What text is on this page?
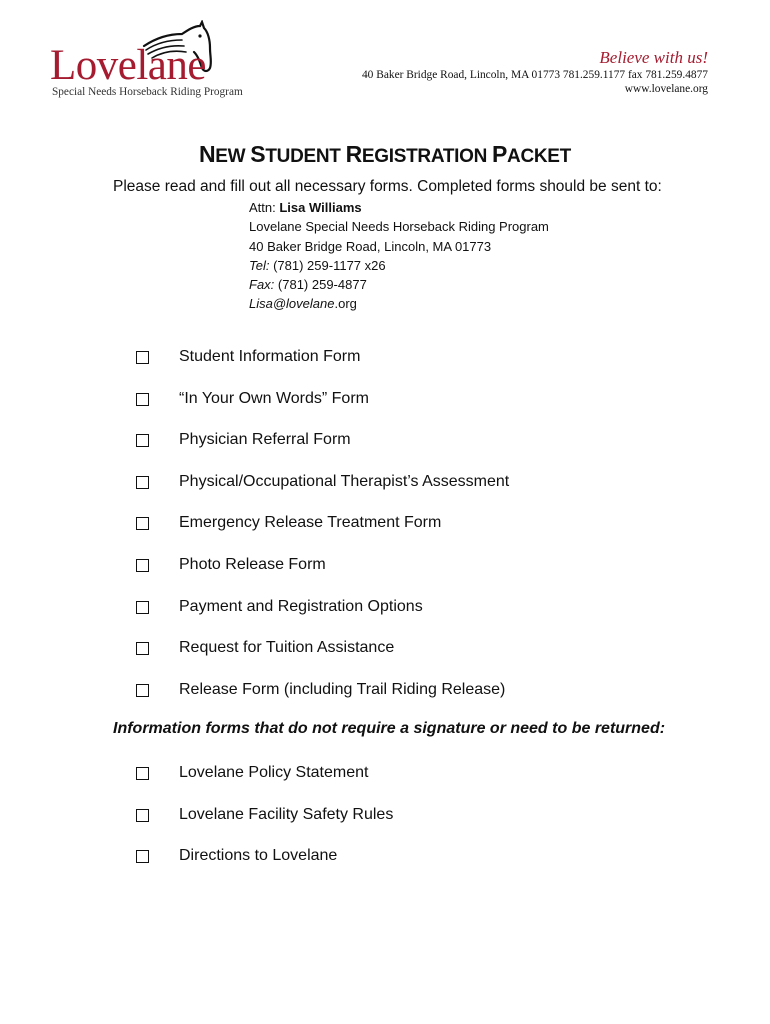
Lovelane
Special Needs Horseback Riding Program
Believe with us!
40 Baker Bridge Road, Lincoln, MA 01773 781.259.1177 fax 781.259.4877
www.lovelane.org
NEW STUDENT REGISTRATION PACKET
Please read and fill out all necessary forms. Completed forms should be sent to:
Attn: Lisa Williams
Lovelane Special Needs Horseback Riding Program
40 Baker Bridge Road, Lincoln, MA 01773
Tel: (781) 259-1177 x26
Fax: (781) 259-4877
Lisa@lovelane.org
Student Information Form
“In Your Own Words” Form
Physician Referral Form
Physical/Occupational Therapist’s Assessment
Emergency Release Treatment Form
Photo Release Form
Payment and Registration Options
Request for Tuition Assistance
Release Form (including Trail Riding Release)
Information forms that do not require a signature or need to be returned:
Lovelane Policy Statement
Lovelane Facility Safety Rules
Directions to Lovelane
